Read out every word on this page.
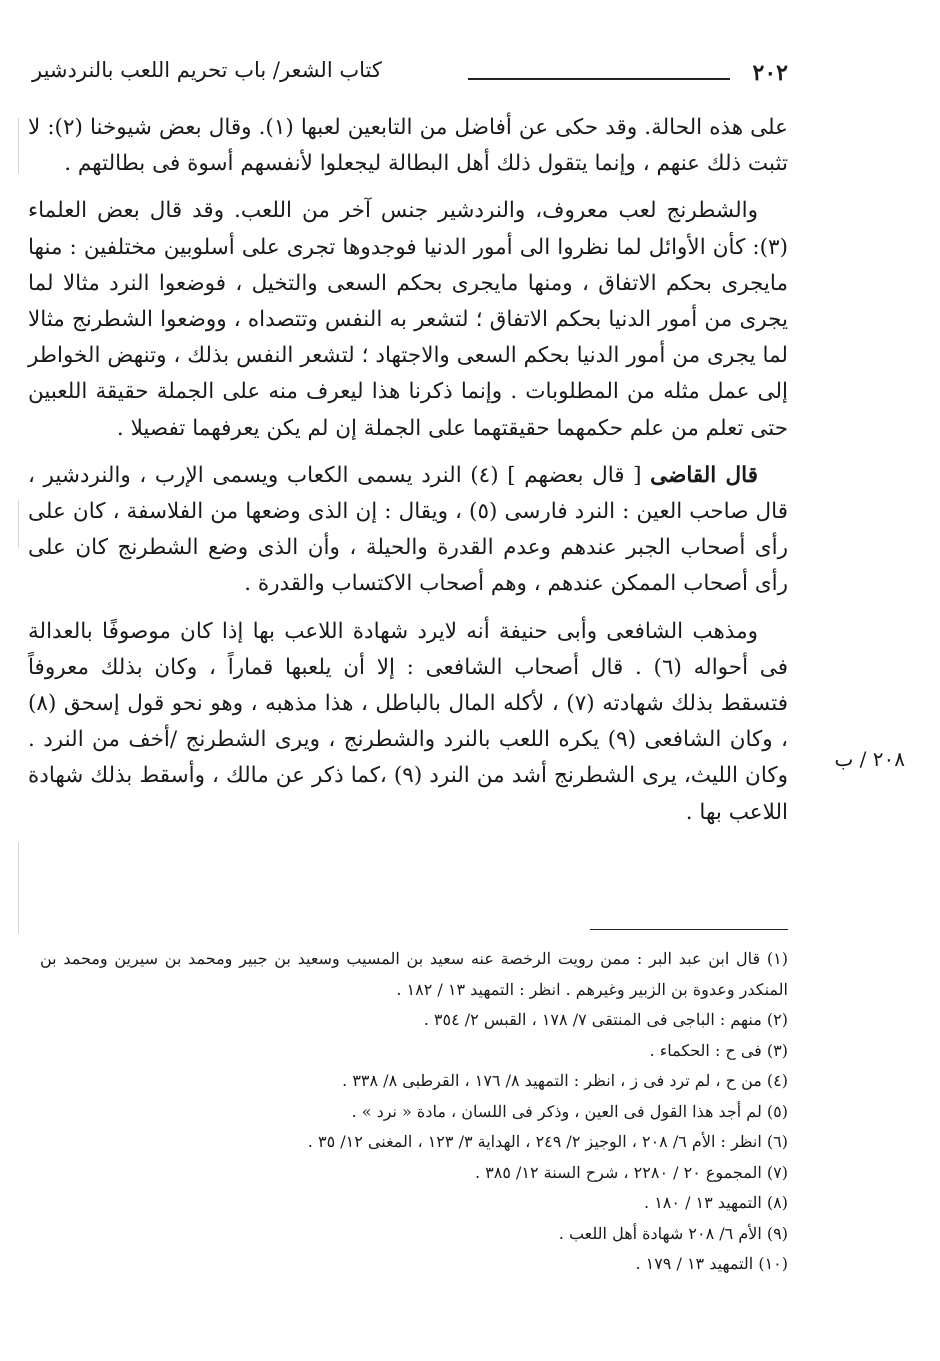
٢٠٢
كتاب الشعر/ باب تحريم اللعب بالنردشير

على هذه الحالة. وقد حكى عن أفاضل من التابعين لعبها (١). وقال بعض شيوخنا (٢): لا تثبت ذلك عنهم ، وإنما يتقول ذلك أهل البطالة ليجعلوا لأنفسهم أسوة فى بطالتهم .

والشطرنج لعب معروف، والنردشير جنس آخر من اللعب. وقد قال بعض العلماء (٣): كأن الأوائل لما نظروا الى أمور الدنيا فوجدوها تجرى على أسلوبين مختلفين : منها مايجرى بحكم الاتفاق ، ومنها مايجرى بحكم السعى والتخيل ، فوضعوا النرد مثالا لما يجرى من أمور الدنيا بحكم الاتفاق ؛ لتشعر به النفس وتتصداه ، ووضعوا الشطرنج مثالا لما يجرى من أمور الدنيا بحكم السعى والاجتهاد ؛ لتشعر النفس بذلك ، وتنهض الخواطر إلى عمل مثله من المطلوبات . وإنما ذكرنا هذا ليعرف منه على الجملة حقيقة اللعبين حتى تعلم من علم حكمهما حقيقتهما على الجملة إن لم يكن يعرفهما تفصيلا .

قال القاضى [ قال بعضهم ] (٤) النرد يسمى الكعاب ويسمى الإرب ، والنردشير ، قال صاحب العين : النرد فارسى (٥) ، ويقال : إن الذى وضعها من الفلاسفة ، كان على رأى أصحاب الجبر عندهم وعدم القدرة والحيلة ، وأن الذى وضع الشطرنج كان على رأى أصحاب الممكن عندهم ، وهم أصحاب الاكتساب والقدرة .

ومذهب الشافعى وأبى حنيفة أنه لايرد شهادة اللاعب بها إذا كان موصوفًا بالعدالة فى أحواله (٦) . قال أصحاب الشافعى : إلا أن يلعبها قماراً ، وكان بذلك معروفاً فتسقط بذلك شهادته (٧) ، لأكله المال بالباطل ، هذا مذهبه ، وهو نحو قول إسحق (٨) ، وكان الشافعى (٩) يكره اللعب بالنرد والشطرنج ، ويرى الشطرنج /أخف من النرد . وكان الليث، يرى الشطرنج أشد من النرد (٩) ،كما ذكر عن مالك ، وأسقط بذلك شهادة اللاعب بها .

٢٠٨ / ب

(١) قال ابن عبد البر : ممن رويت الرخصة عنه سعيد بن المسيب وسعيد بن جبير ومحمد بن سيرين ومحمد بن المنكدر وعدوة بن الزبير وغيرهم . انظر : التمهيد ١٣ / ١٨٢ .

(٢) منهم : الباجى فى المنتقى ٧/ ١٧٨ ، القبس ٢/ ٣٥٤ .

(٣) فى ح : الحكماء .

(٤) من ح ، لم ترد فى ز ، انظر : التمهيد ٨/ ١٧٦ ، القرطبى ٨/ ٣٣٨ .

(٥) لم أجد هذا القول فى العين ، وذكر فى اللسان ، مادة « نرد » .

(٦) انظر : الأم ٦/ ٢٠٨ ، الوجيز ٢/ ٢٤٩ ، الهداية ٣/ ١٢٣ ، المغنى ١٢/ ٣٥ .

(٧) المجموع ٢٠ / ٢٢٨٠ ، شرح السنة ١٢/ ٣٨٥ .

(٨) التمهيد ١٣ / ١٨٠ .

(٩) الأم ٦/ ٢٠٨ شهادة أهل اللعب .

(١٠) التمهيد ١٣ / ١٧٩ .
